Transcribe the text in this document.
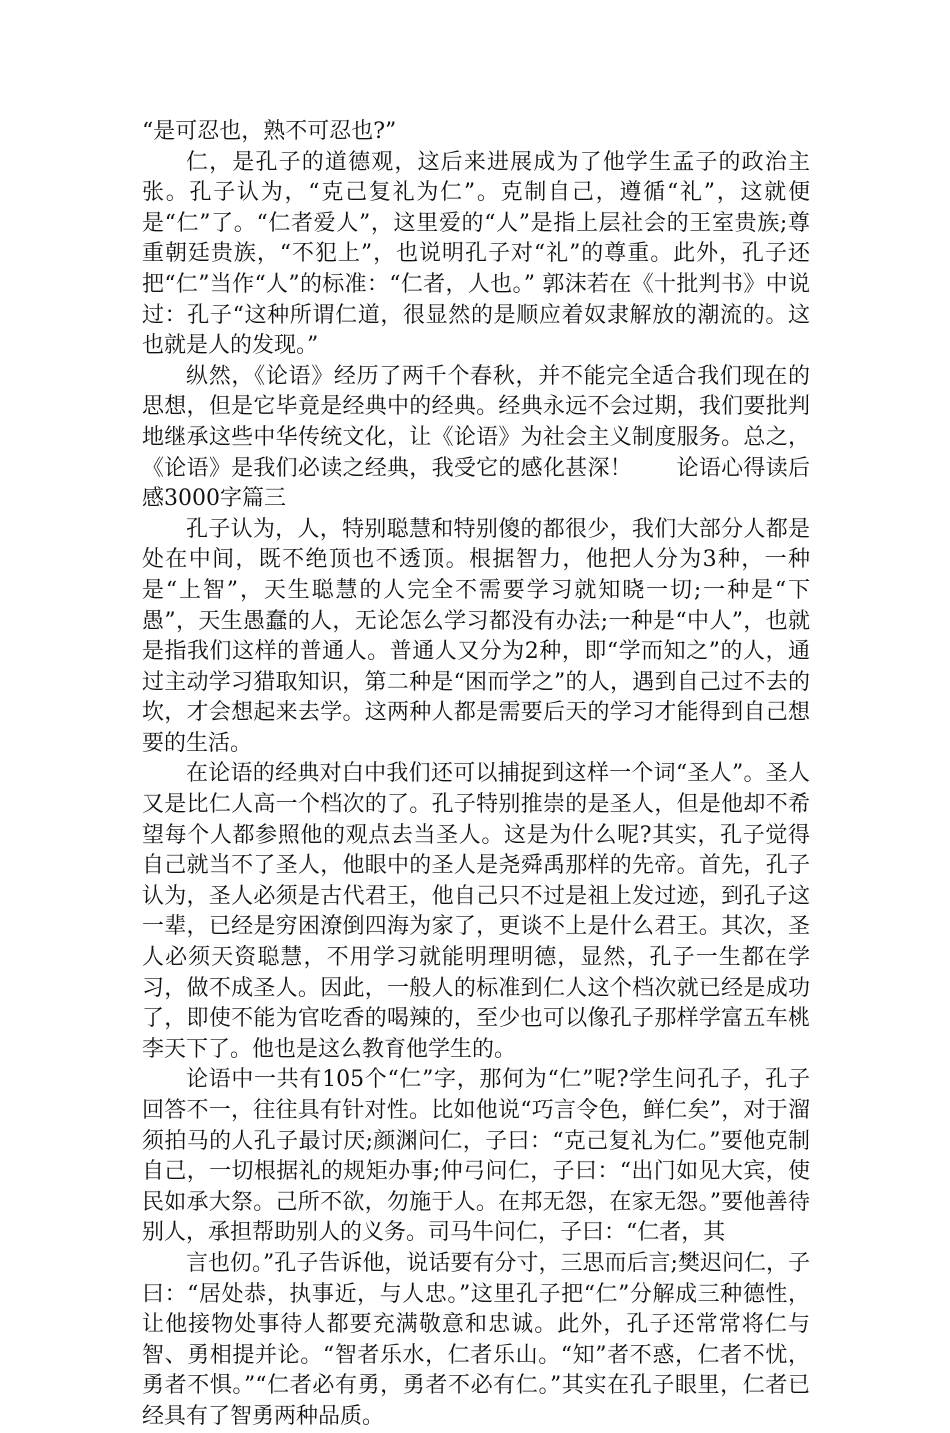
“是可忍也，熟不可忍也?”

仁，是孔子的道德观，这后来进展成为了他学生孟子的政治主张。孔子认为，“克己复礼为仁”。克制自己，遵循“礼”，这就便是“仁”了。“仁者爱人”，这里爱的“人”是指上层社会的王室贵族;尊重朝廷贵族，“不犯上”，也说明孔子对“礼”的尊重。此外，孔子还把“仁”当作“人”的标准：“仁者，人也。” 郭沫若在《十批判书》中说过：孔子“这种所谓仁道，很显然的是顺应着奴隶解放的潮流的。这也就是人的发现。”

纵然，《论语》经历了两千个春秋，并不能完全适合我们现在的思想，但是它毕竟是经典中的经典。经典永远不会过期，我们要批判地继承这些中华传统文化，让《论语》为社会主义制度服务。总之，《论语》是我们必读之经典，我受它的感化甚深！　　论语心得读后感3000字篇三

孔子认为，人，特别聪慧和特别傻的都很少，我们大部分人都是处在中间，既不绝顶也不透顶。根据智力，他把人分为3种，一种是“上智”，天生聪慧的人完全不需要学习就知晓一切;一种是“下愚”，天生愚蠢的人，无论怎么学习都没有办法;一种是“中人”，也就是指我们这样的普通人。普通人又分为2种，即“学而知之”的人，通过主动学习猎取知识，第二种是“困而学之”的人，遇到自己过不去的坎，才会想起来去学。这两种人都是需要后天的学习才能得到自己想要的生活。

在论语的经典对白中我们还可以捕捉到这样一个词“圣人”。圣人又是比仁人高一个档次的了。孔子特别推崇的是圣人，但是他却不希望每个人都参照他的观点去当圣人。这是为什么呢?其实，孔子觉得自己就当不了圣人，他眼中的圣人是尧舜禹那样的先帝。首先，孔子认为，圣人必须是古代君王，他自己只不过是祖上发过迹，到孔子这一辈，已经是穷困潦倒四海为家了，更谈不上是什么君王。其次，圣人必须天资聪慧，不用学习就能明理明德，显然，孔子一生都在学习，做不成圣人。因此，一般人的标准到仁人这个档次就已经是成功了，即使不能为官吃香的喝辣的，至少也可以像孔子那样学富五车桃李天下了。他也是这么教育他学生的。

论语中一共有105个“仁”字，那何为“仁”呢?学生问孔子，孔子回答不一，往往具有针对性。比如他说“巧言令色，鲜仁矣”，对于溜须拍马的人孔子最讨厌;颜渊问仁，子曰：“克己复礼为仁。”要他克制自己，一切根据礼的规矩办事;仲弓问仁，子曰：“出门如见大宾，使民如承大祭。己所不欲，勿施于人。在邦无怨，在家无怨。”要他善待别人，承担帮助别人的义务。司马牛问仁，子曰：“仁者，其

言也仞。”孔子告诉他，说话要有分寸，三思而后言;樊迟问仁，子曰：“居处恭，执事近，与人忠。”这里孔子把“仁”分解成三种德性，让他接物处事待人都要充满敬意和忠诚。此外，孔子还常常将仁与智、勇相提并论。“智者乐水，仁者乐山。“知”者不惑，仁者不忧，勇者不惧。”“仁者必有勇，勇者不必有仁。”其实在孔子眼里，仁者已经具有了智勇两种品质。
